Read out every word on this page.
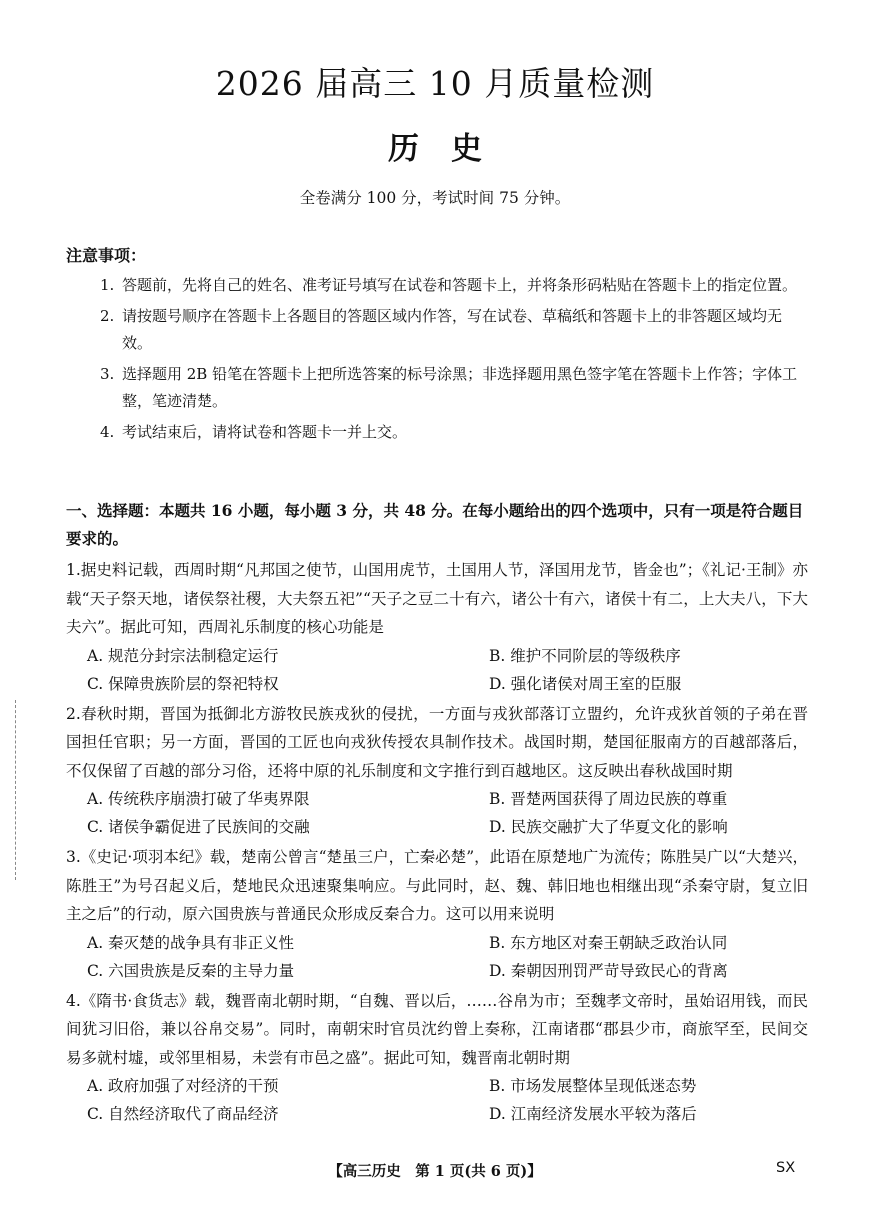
2026 届高三 10 月质量检测
历史

全卷满分 100 分，考试时间 75 分钟。

注意事项：

1. 答题前，先将自己的姓名、准考证号填写在试卷和答题卡上，并将条形码粘贴在答题卡上的指定位置。
2. 请按题号顺序在答题卡上各题目的答题区域内作答，写在试卷、草稿纸和答题卡上的非答题区域均无效。
3. 选择题用 2B 铅笔在答题卡上把所选答案的标号涂黑；非选择题用黑色签字笔在答题卡上作答；字体工整，笔迹清楚。
4. 考试结束后，请将试卷和答题卡一并上交。
一、选择题：本题共 16 小题，每小题 3 分，共 48 分。在每小题给出的四个选项中，只有一项是符合题目要求的。
1.据史料记载，西周时期“凡邦国之使节，山国用虎节，土国用人节，泽国用龙节，皆金也”；《礼记·王制》亦载“天子祭天地，诸侯祭社稷，大夫祭五祀”“天子之豆二十有六，诸公十有六，诸侯十有二，上大夫八，下大夫六”。据此可知，西周礼乐制度的核心功能是
A. 规范分封宗法制稳定运行	B. 维护不同阶层的等级秩序
C. 保障贵族阶层的祭祀特权	D. 强化诸侯对周王室的臣服
2.春秋时期，晋国为抵御北方游牧民族戎狄的侵扰，一方面与戎狄部落订立盟约，允许戎狄首领的子弟在晋国担任官职；另一方面，晋国的工匠也向戎狄传授农具制作技术。战国时期，楚国征服南方的百越部落后，不仅保留了百越的部分习俗，还将中原的礼乐制度和文字推行到百越地区。这反映出春秋战国时期
A. 传统秩序崩溃打破了华夷界限	B. 晋楚两国获得了周边民族的尊重
C. 诸侯争霸促进了民族间的交融	D. 民族交融扩大了华夏文化的影响
3.《史记·项羽本纪》载，楚南公曾言“楚虽三户，亡秦必楚”，此语在原楚地广为流传；陈胜吴广以“大楚兴，陈胜王”为号召起义后，楚地民众迅速聚集响应。与此同时，赵、魏、韩旧地也相继出现“杀秦守尉，复立旧主之后”的行动，原六国贵族与普通民众形成反秦合力。这可以用来说明
A. 秦灭楚的战争具有非正义性	B. 东方地区对秦王朝缺乏政治认同
C. 六国贵族是反秦的主导力量	D. 秦朝因刑罚严苛导致民心的背离
4.《隋书·食货志》载，魏晋南北朝时期，“自魏、晋以后，……谷帛为市；至魏孝文帝时，虽始诏用钱，而民间犹习旧俗，兼以谷帛交易”。同时，南朝宋时官员沈约曾上奏称，江南诸郡“郡县少市，商旅罕至，民间交易多就村墟，或邻里相易，未尝有市邑之盛”。据此可知，魏晋南北朝时期
A. 政府加强了对经济的干预	B. 市场发展整体呈现低迷态势
C. 自然经济取代了商品经济	D. 江南经济发展水平较为落后
【高三历史　第 1 页(共 6 页)】	SX
